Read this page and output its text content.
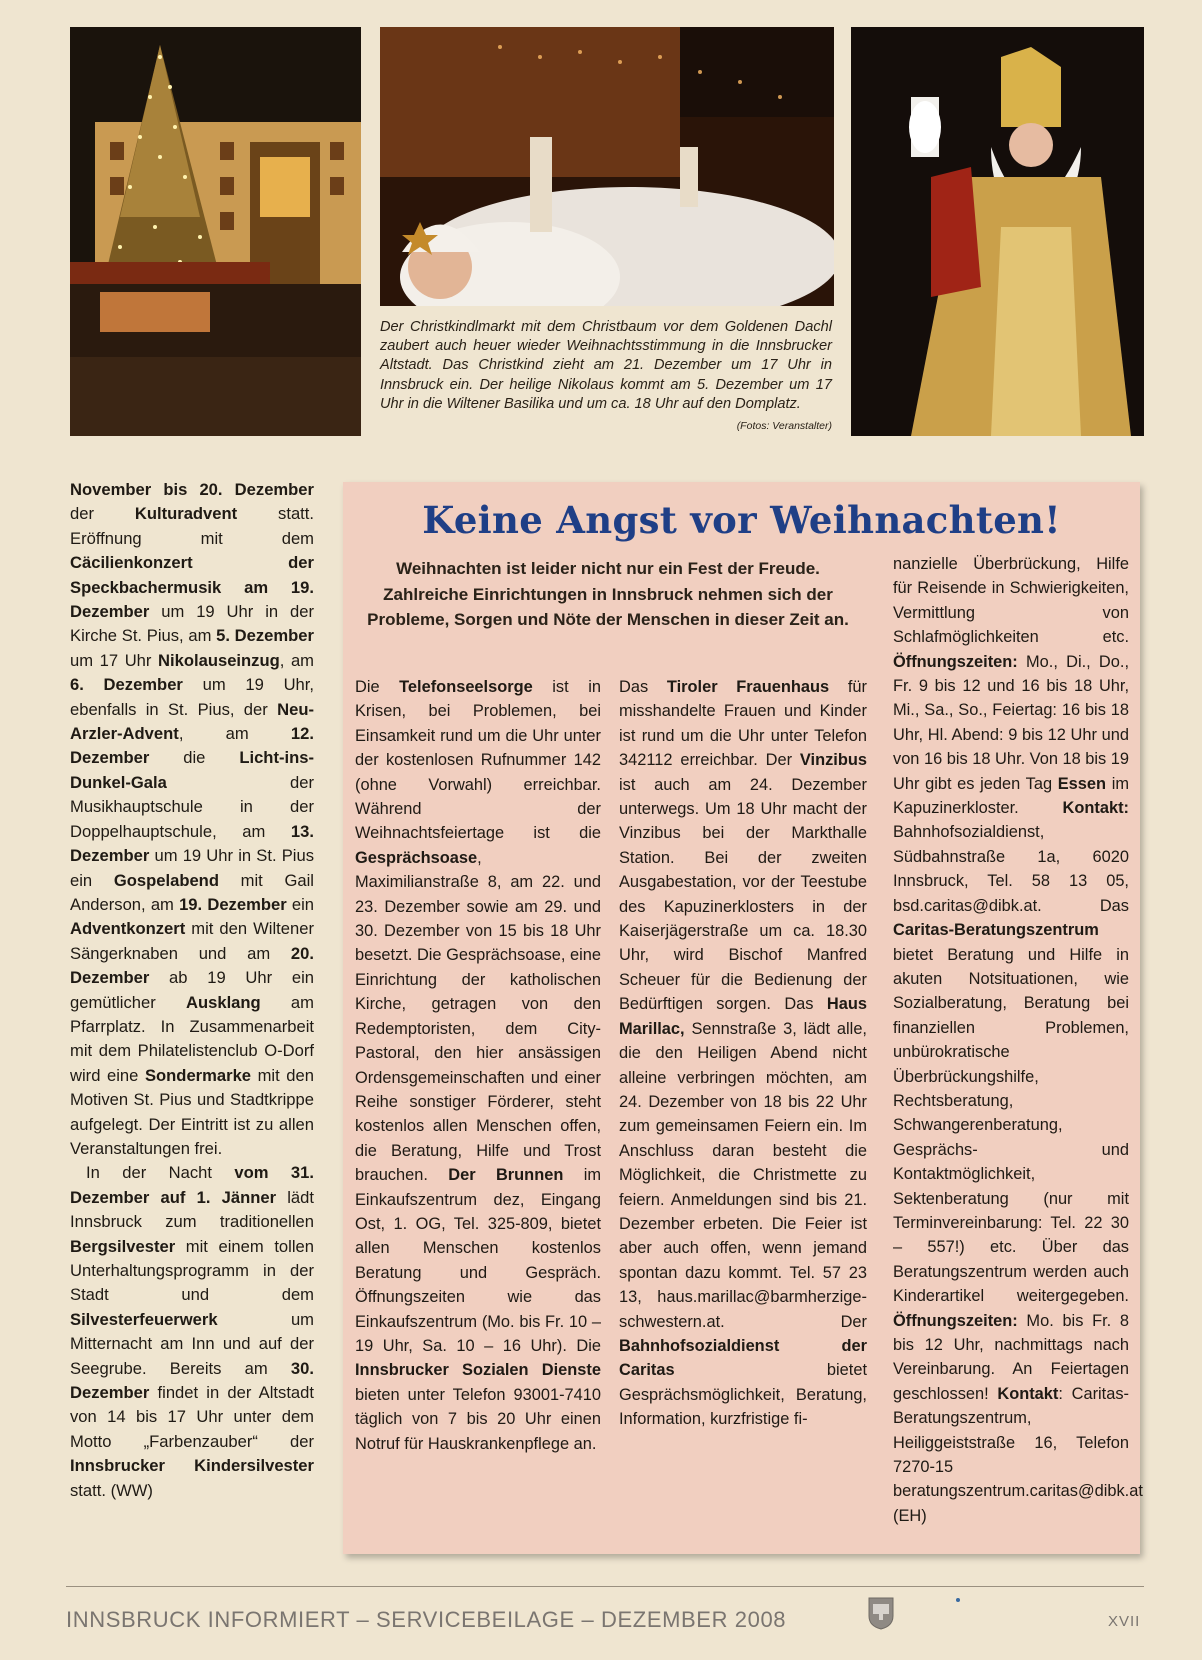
Der Christkindlmarkt mit dem Christbaum vor dem Goldenen Dachl zaubert auch heuer wieder Weihnachtsstimmung in die Innsbrucker Altstadt. Das Christkind zieht am 21. Dezember um 17 Uhr in Innsbruck ein. Der heilige Nikolaus kommt am 5. Dezember um 17 Uhr in die Wiltener Basilika und um ca. 18 Uhr auf den Domplatz.
(Fotos: Veranstalter)

November bis 20. Dezember der Kulturadvent statt. Eröffnung mit dem Cäcilienkonzert der Speckbachermusik am 19. Dezember um 19 Uhr in der Kirche St. Pius, am 5. Dezember um 17 Uhr Nikolauseinzug, am 6. Dezember um 19 Uhr, ebenfalls in St. Pius, der Neu-Arzler-Advent, am 12. Dezember die Licht-ins-Dunkel-Gala der Musikhauptschule in der Doppelhauptschule, am 13. Dezember um 19 Uhr in St. Pius ein Gospelabend mit Gail Anderson, am 19. Dezember ein Adventkonzert mit den Wiltener Sängerknaben und am 20. Dezember ab 19 Uhr ein gemütlicher Ausklang am Pfarrplatz. In Zusammenarbeit mit dem Philatelistenclub O-Dorf wird eine Sondermarke mit den Motiven St. Pius und Stadtkrippe aufgelegt. Der Eintritt ist zu allen Veranstaltungen frei.

In der Nacht vom 31. Dezember auf 1. Jänner lädt Innsbruck zum traditionellen Bergsilvester mit einem tollen Unterhaltungsprogramm in der Stadt und dem Silvesterfeuerwerk um Mitternacht am Inn und auf der Seegrube. Bereits am 30. Dezember findet in der Altstadt von 14 bis 17 Uhr unter dem Motto „Farbenzauber“ der Innsbrucker Kindersilvester statt. (WW)

Keine Angst vor Weihnachten!
Weihnachten ist leider nicht nur ein Fest der Freude. Zahlreiche Einrichtungen in Innsbruck nehmen sich der Probleme, Sorgen und Nöte der Menschen in dieser Zeit an.

Die Telefonseelsorge ist in Krisen, bei Problemen, bei Einsamkeit rund um die Uhr unter der kostenlosen Rufnummer 142 (ohne Vorwahl) erreichbar. Während der Weihnachtsfeiertage ist die Gesprächsoase, Maximilianstraße 8, am 22. und 23. Dezember sowie am 29. und 30. Dezember von 15 bis 18 Uhr besetzt. Die Gesprächsoase, eine Einrichtung der katholischen Kirche, getragen von den Redemptoristen, dem City-Pastoral, den hier ansässigen Ordensgemeinschaften und einer Reihe sonstiger Förderer, steht kostenlos allen Menschen offen, die Beratung, Hilfe und Trost brauchen. Der Brunnen im Einkaufszentrum dez, Eingang Ost, 1. OG, Tel. 325-809, bietet allen Menschen kostenlos Beratung und Gespräch. Öffnungszeiten wie das Einkaufszentrum (Mo. bis Fr. 10 – 19 Uhr, Sa. 10 – 16 Uhr). Die Innsbrucker Sozialen Dienste bieten unter Telefon 93001-7410 täglich von 7 bis 20 Uhr einen Notruf für Hauskrankenpflege an.

Das Tiroler Frauenhaus für misshandelte Frauen und Kinder ist rund um die Uhr unter Telefon 342112 erreichbar. Der Vinzibus ist auch am 24. Dezember unterwegs. Um 18 Uhr macht der Vinzibus bei der Markthalle Station. Bei der zweiten Ausgabestation, vor der Teestube des Kapuzinerklosters in der Kaiserjägerstraße um ca. 18.30 Uhr, wird Bischof Manfred Scheuer für die Bedienung der Bedürftigen sorgen. Das Haus Marillac, Sennstraße 3, lädt alle, die den Heiligen Abend nicht alleine verbringen möchten, am 24. Dezember von 18 bis 22 Uhr zum gemeinsamen Feiern ein. Im Anschluss daran besteht die Möglichkeit, die Christmette zu feiern. Anmeldungen sind bis 21. Dezember erbeten. Die Feier ist aber auch offen, wenn jemand spontan dazu kommt. Tel. 57 23 13, haus.marillac@barmherzige-schwestern.at. Der Bahnhofsozialdienst der Caritas bietet Gesprächsmöglichkeit, Beratung, Information, kurzfristige fi-

nanzielle Überbrückung, Hilfe für Reisende in Schwierigkeiten, Vermittlung von Schlafmöglichkeiten etc. Öffnungszeiten: Mo., Di., Do., Fr. 9 bis 12 und 16 bis 18 Uhr, Mi., Sa., So., Feiertag: 16 bis 18 Uhr, Hl. Abend: 9 bis 12 Uhr und von 16 bis 18 Uhr. Von 18 bis 19 Uhr gibt es jeden Tag Essen im Kapuzinerkloster. Kontakt: Bahnhofsozialdienst, Südbahnstraße 1a, 6020 Innsbruck, Tel. 58 13 05, bsd.caritas@dibk.at. Das Caritas-Beratungszentrum bietet Beratung und Hilfe in akuten Notsituationen, wie Sozialberatung, Beratung bei finanziellen Problemen, unbürokratische Überbrückungshilfe, Rechtsberatung, Schwangerenberatung, Gesprächs- und Kontaktmöglichkeit, Sektenberatung (nur mit Terminvereinbarung: Tel. 22 30 – 557!) etc. Über das Beratungszentrum werden auch Kinderartikel weitergegeben. Öffnungszeiten: Mo. bis Fr. 8 bis 12 Uhr, nachmittags nach Vereinbarung. An Feiertagen geschlossen! Kontakt: Caritas-Beratungszentrum, Heiliggeiststraße 16, Telefon 7270-15 beratungszentrum.caritas@dibk.at (EH)

INNSBRUCK INFORMIERT – SERVICEBEILAGE – DEZEMBER 2008	XVII
